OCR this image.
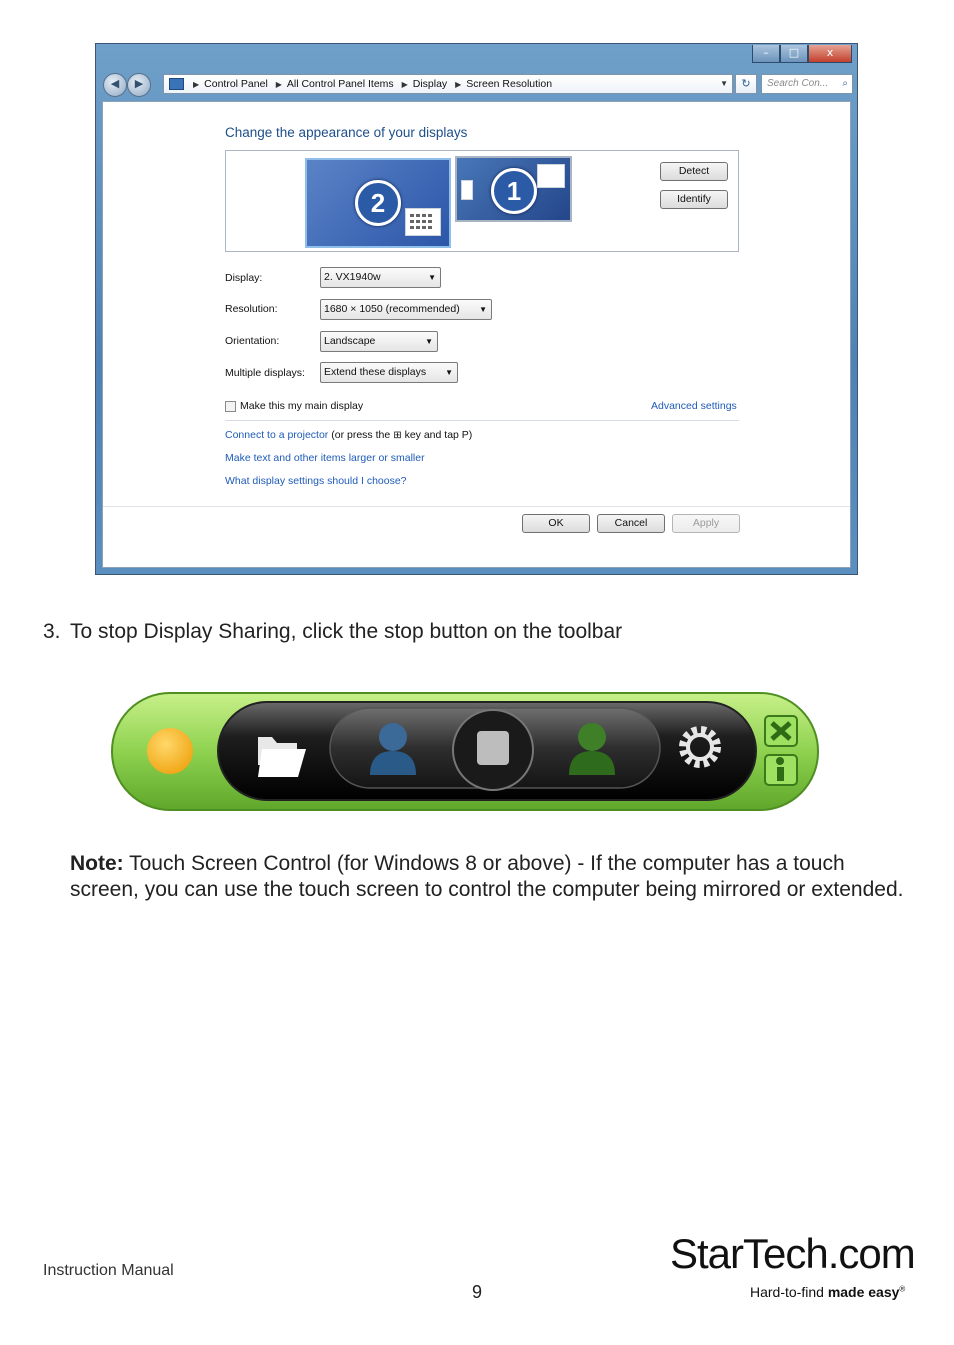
–	□	x
◀	▶	▶ Control Panel ▶ All Control Panel Items ▶ Display ▶ Screen Resolution	▼	↻	Search Con... ⌕
Change the appearance of your displays
2	1
Detect
Identify
Display:	2. VX1940w	▼
Resolution:	1680 × 1050 (recommended) ▼
Orientation:	Landscape	▼
Multiple displays:	Extend these displays ▼
Make this my main display	Advanced settings
Connect to a projector (or press the ⊞ key and tap P)
Make text and other items larger or smaller
What display settings should I choose?
OK	Cancel	Apply
3. To stop Display Sharing, click the stop button on the toolbar
Note: Touch Screen Control (for Windows 8 or above) - If the computer has a touch screen, you can use the touch screen to control the computer being mirrored or extended.
Instruction Manual
9
StarTech.com
Hard-to-find made easy®
